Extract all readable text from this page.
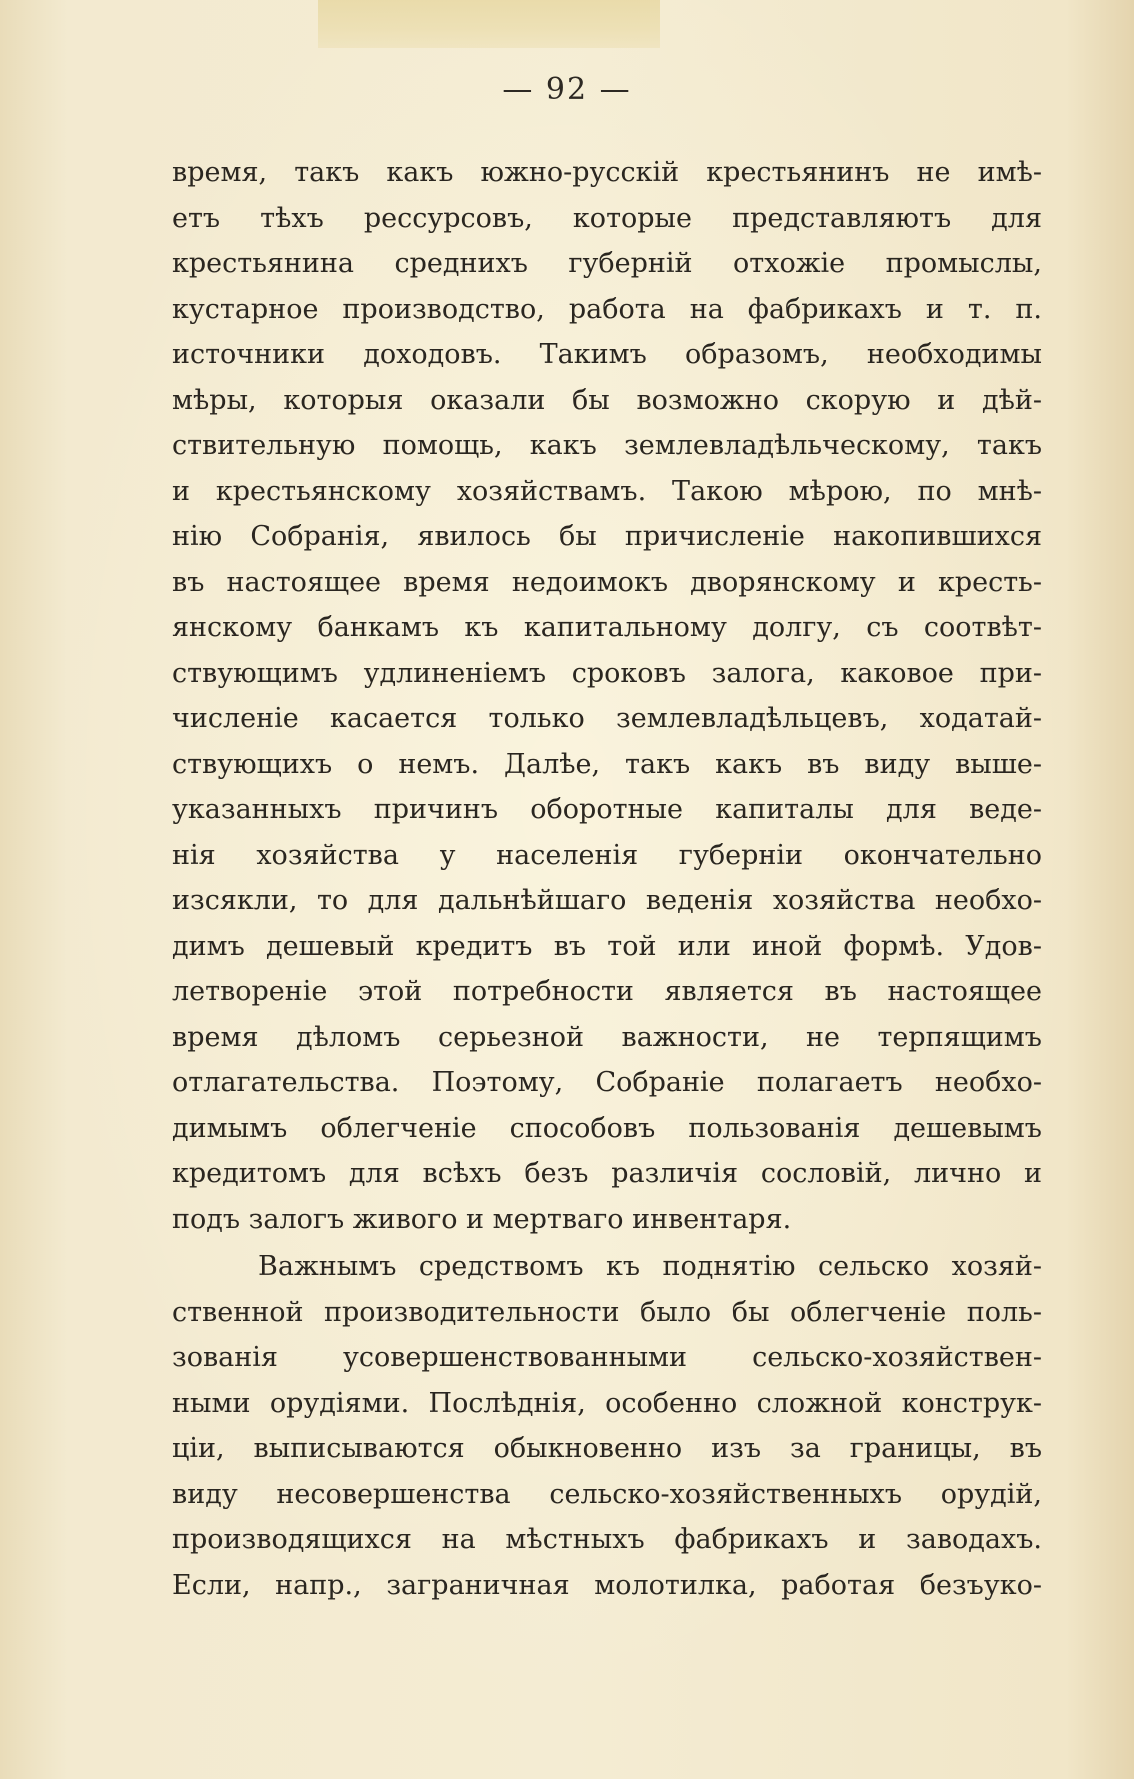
— 92 —
время, такъ какъ южно-русскій крестьянинъ не имѣ-
етъ тѣхъ рессурсовъ, которые представляютъ для
крестьянина среднихъ губерній отхожіе промыслы,
кустарное производство, работа на фабрикахъ и т. п.
источники доходовъ. Такимъ образомъ, необходимы
мѣры, которыя оказали бы возможно скорую и дѣй-
ствительную помощь, какъ землевладѣльческому, такъ
и крестьянскому хозяйствамъ. Такою мѣрою, по мнѣ-
нію Собранія, явилось бы причисленіе накопившихся
въ настоящее время недоимокъ дворянскому и кресть-
янскому банкамъ къ капитальному долгу, съ соотвѣт-
ствующимъ удлиненіемъ сроковъ залога, каковое при-
численіе касается только землевладѣльцевъ, ходатай-
ствующихъ о немъ. Далѣе, такъ какъ въ виду выше-
указанныхъ причинъ оборотные капиталы для веде-
нія хозяйства у населенія губерніи окончательно
изсякли, то для дальнѣйшаго веденія хозяйства необхо-
димъ дешевый кредитъ въ той или иной формѣ. Удов-
летвореніе этой потребности является въ настоящее
время дѣломъ серьезной важности, не терпящимъ
отлагательства. Поэтому, Собраніе полагаетъ необхо-
димымъ облегченіе способовъ пользованія дешевымъ
кредитомъ для всѣхъ безъ различія сословій, лично и
подъ залогъ живого и мертваго инвентаря.
Важнымъ средствомъ къ поднятію сельско хозяй-
ственной производительности было бы облегченіе поль-
зованія усовершенствованными сельско-хозяйствен-
ными орудіями. Послѣднія, особенно сложной конструк-
ціи, выписываются обыкновенно изъ за границы, въ
виду несовершенства сельско-хозяйственныхъ орудій,
производящихся на мѣстныхъ фабрикахъ и заводахъ.
Если, напр., заграничная молотилка, работая безъуко-
